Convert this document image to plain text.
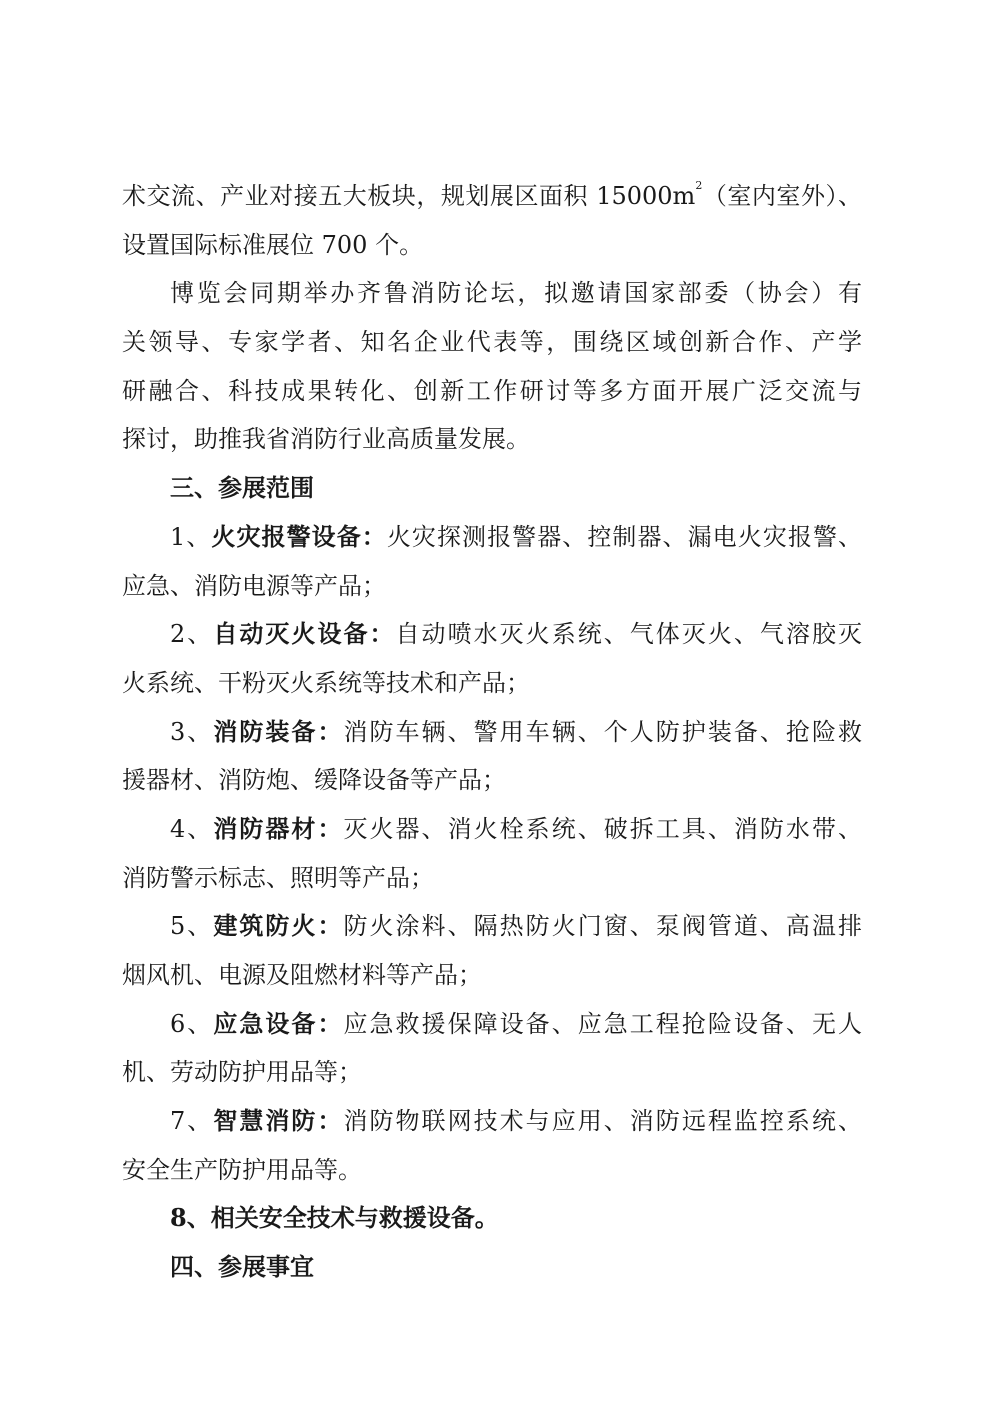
术交流、产业对接五大板块，规划展区面积 $15000m^2$（室内室外）、
设置国际标准展位 700 个。
博览会同期举办齐鲁消防论坛，拟邀请国家部委（协会）有
关领导、专家学者、知名企业代表等，围绕区域创新合作、产学
研融合、科技成果转化、创新工作研讨等多方面开展广泛交流与
探讨，助推我省消防行业高质量发展。
三、参展范围
1、火灾报警设备：火灾探测报警器、控制器、漏电火灾报警、
应急、消防电源等产品；
2、自动灭火设备：自动喷水灭火系统、气体灭火、气溶胶灭
火系统、干粉灭火系统等技术和产品；
3、消防装备：消防车辆、警用车辆、个人防护装备、抢险救
援器材、消防炮、缓降设备等产品；
4、消防器材：灭火器、消火栓系统、破拆工具、消防水带、
消防警示标志、照明等产品；
5、建筑防火：防火涂料、隔热防火门窗、泵阀管道、高温排
烟风机、电源及阻燃材料等产品；
6、应急设备：应急救援保障设备、应急工程抢险设备、无人
机、劳动防护用品等；
7、智慧消防：消防物联网技术与应用、消防远程监控系统、
安全生产防护用品等。
8、相关安全技术与救援设备。
四、参展事宜
